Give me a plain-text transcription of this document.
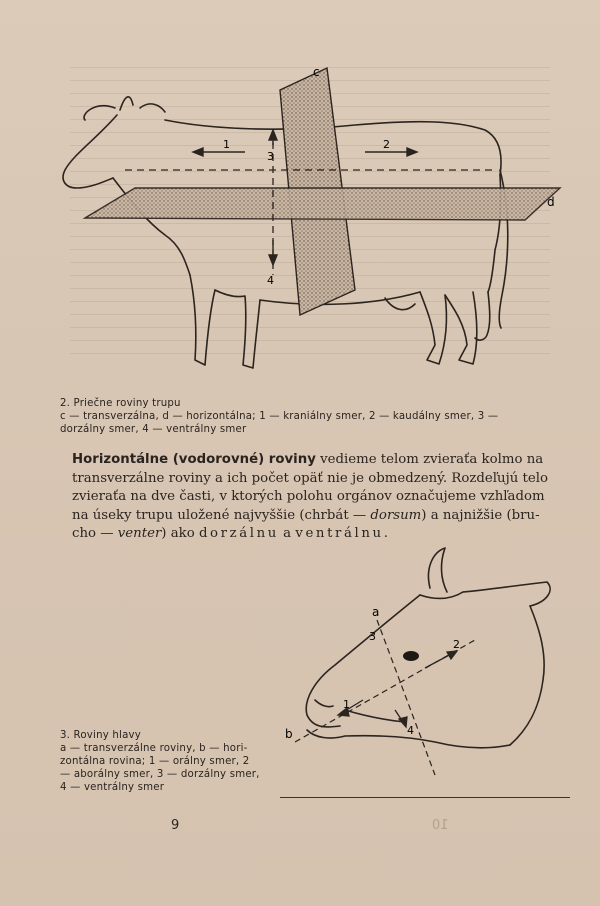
c
d
1	2
3
4
2. Priečne roviny trupu
c — transverzálna, d — horizontálna; 1 — kraniálny smer, 2 — kaudálny smer, 3 —
dorzálny smer, 4 — ventrálny smer
Horizontálne (vodorovné) roviny vedieme telom zvieraťa kolmo na
transverzálne roviny a ich počet opäť nie je obmedzený. Rozdeľujú telo
zvieraťa na dve časti, v ktorých polohu orgánov označujeme vzhľadom
na úseky trupu uložené najvyššie (chrbát — dorsum) a najnižšie (bru-
cho — venter) ako dorzálnu a ventrálnu.
a
b
1
2
3
4
3. Roviny hlavy
a — transverzálne roviny, b — hori-
zontálna rovina; 1 — orálny smer, 2
— aborálny smer, 3 — dorzálny smer,
4 — ventrálny smer
9	10
